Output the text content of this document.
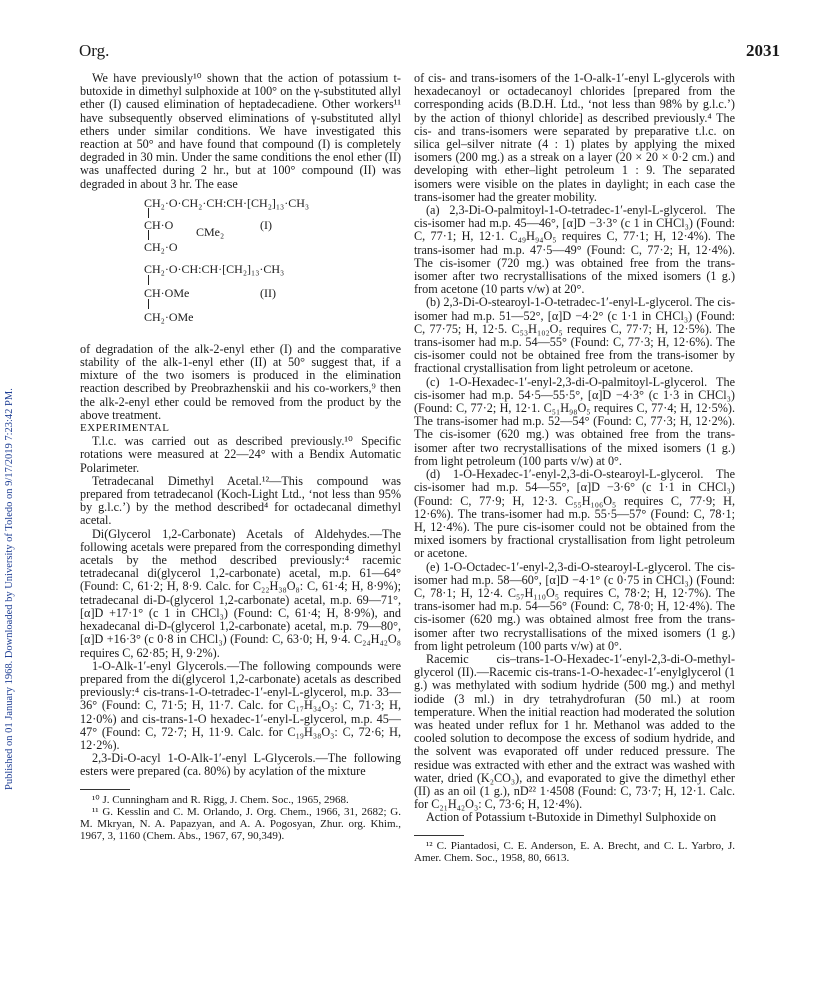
Org.	2031
Published on 01 January 1968. Downloaded by University of Toledo on 9/17/2019 7:23:42 PM.

We have previously¹⁰ shown that the action of potassium t-butoxide in dimethyl sulphoxide at 100° on the γ-substituted allyl ether (I) caused elimination of heptadecadiene. Other workers¹¹ have subsequently observed eliminations of γ-substituted allyl ethers under similar conditions. We have investigated this reaction at 50° and have found that compound (I) is completely degraded in 30 min. Under the same conditions the enol ether (II) was unaffected during 2 hr., but at 100° compound (II) was degraded in about 3 hr. The ease

CH₂·O·CH₂·CH:CH·[CH₂]₁₃·CH₃
CH·O CMe₂	(I)
CH₂·O
CH₂·O·CH:CH·[CH₂]₁₃·CH₃
CH·OMe	(II)
CH₂·OMe

of degradation of the alk-2-enyl ether (I) and the comparative stability of the alk-1-enyl ether (II) at 50° suggest that, if a mixture of the two isomers is produced in the elimination reaction described by Preobrazhenskii and his co-workers,⁹ then the alk-2-enyl ether could be removed from the product by the above treatment.

EXPERIMENTAL

T.l.c. was carried out as described previously.¹⁰ Specific rotations were measured at 22—24° with a Bendix Automatic Polarimeter.

Tetradecanal Dimethyl Acetal.¹²—This compound was prepared from tetradecanol (Koch-Light Ltd., ‘not less than 95% by g.l.c.’) by the method described⁴ for octadecanal dimethyl acetal.

Di(Glycerol 1,2-Carbonate) Acetals of Aldehydes.—The following acetals were prepared from the corresponding dimethyl acetals by the method described previously:⁴ racemic tetradecanal di(glycerol 1,2-carbonate) acetal, m.p. 61—64° (Found: C, 61·2; H, 8·9. Calc. for C₂₂H₃₈O₈: C, 61·4; H, 8·9%); tetradecanal di-D-(glycerol 1,2-carbonate) acetal, m.p. 69—71°, [α]D +17·1° (c 1 in CHCl₃) (Found: C, 61·4; H, 8·9%), and hexadecanal di-D-(glycerol 1,2-carbonate) acetal, m.p. 79—80°, [α]D +16·3° (c 0·8 in CHCl₃) (Found: C, 63·0; H, 9·4. C₂₄H₄₂O₈ requires C, 62·85; H, 9·2%).

1-O-Alk-1′-enyl Glycerols.—The following compounds were prepared from the di(glycerol 1,2-carbonate) acetals as described previously:⁴ cis-trans-1-O-tetradec-1′-enyl-L-glycerol, m.p. 33—36° (Found: C, 71·5; H, 11·7. Calc. for C₁₇H₃₄O₃: C, 71·3; H, 12·0%) and cis-trans-1-O hexadec-1′-enyl-L-glycerol, m.p. 45—47° (Found: C, 72·7; H, 11·9. Calc. for C₁₉H₃₈O₃: C, 72·6; H, 12·2%).

2,3-Di-O-acyl 1-O-Alk-1′-enyl L-Glycerols.—The following esters were prepared (ca. 80%) by acylation of the mixture

¹⁰ J. Cunningham and R. Rigg, J. Chem. Soc., 1965, 2968.

¹¹ G. Kesslin and C. M. Orlando, J. Org. Chem., 1966, 31, 2682; G. M. Mkryan, N. A. Papazyan, and A. A. Pogosyan, Zhur. org. Khim., 1967, 3, 1160 (Chem. Abs., 1967, 67, 90,349).

of cis- and trans-isomers of the 1-O-alk-1′-enyl L-glycerols with hexadecanoyl or octadecanoyl chlorides [prepared from the corresponding acids (B.D.H. Ltd., ‘not less than 98% by g.l.c.’) by the action of thionyl chloride] as described previously.⁴ The cis- and trans-isomers were separated by preparative t.l.c. on silica gel–silver nitrate (4 : 1) plates by applying the mixed isomers (200 mg.) as a streak on a layer (20 × 20 × 0·2 cm.) and developing with ether–light petroleum 1 : 9. The separated isomers were visible on the plates in daylight; in each case the trans-isomer had the greater mobility.

(a) 2,3-Di-O-palmitoyl-1-O-tetradec-1′-enyl-L-glycerol. The cis-isomer had m.p. 45—46°, [α]D −3·3° (c 1 in CHCl₃) (Found: C, 77·1; H, 12·1. C₄₉H₉₄O₅ requires C, 77·1; H, 12·4%). The trans-isomer had m.p. 47·5—49° (Found: C, 77·2; H, 12·4%). The cis-isomer (720 mg.) was obtained free from the trans-isomer after two recrystallisations of the mixed isomers (1 g.) from acetone (10 parts v/w) at 20°.

(b) 2,3-Di-O-stearoyl-1-O-tetradec-1′-enyl-L-glycerol. The cis-isomer had m.p. 51—52°, [α]D −4·2° (c 1·1 in CHCl₃) (Found: C, 77·75; H, 12·5. C₅₃H₁₀₂O₅ requires C, 77·7; H, 12·5%). The trans-isomer had m.p. 54—55° (Found: C, 77·3; H, 12·6%). The cis-isomer could not be obtained free from the trans-isomer by fractional crystallisation from light petroleum or acetone.

(c) 1-O-Hexadec-1′-enyl-2,3-di-O-palmitoyl-L-glycerol. The cis-isomer had m.p. 54·5—55·5°, [α]D −4·3° (c 1·3 in CHCl₃) (Found: C, 77·2; H, 12·1. C₅₁H₉₈O₅ requires C, 77·4; H, 12·5%). The trans-isomer had m.p. 52—54° (Found: C, 77·3; H, 12·2%). The cis-isomer (620 mg.) was obtained free from the trans-isomer after two recrystallisations of the mixed isomers (1 g.) from light petroleum (100 parts v/w) at 0°.

(d) 1-O-Hexadec-1′-enyl-2,3-di-O-stearoyl-L-glycerol. The cis-isomer had m.p. 54—55°, [α]D −3·6° (c 1·1 in CHCl₃) (Found: C, 77·9; H, 12·3. C₅₅H₁₀₆O₅ requires C, 77·9; H, 12·6%). The trans-isomer had m.p. 55·5—57° (Found: C, 78·1; H, 12·4%). The pure cis-isomer could not be obtained from the mixed isomers by fractional crystallisation from light petroleum or acetone.

(e) 1-O-Octadec-1′-enyl-2,3-di-O-stearoyl-L-glycerol. The cis-isomer had m.p. 58—60°, [α]D −4·1° (c 0·75 in CHCl₃) (Found: C, 78·1; H, 12·4. C₅₇H₁₁₀O₅ requires C, 78·2; H, 12·7%). The trans-isomer had m.p. 54—56° (Found: C, 78·0; H, 12·4%). The cis-isomer (620 mg.) was obtained almost free from the trans-isomer after two recrystallisations of the mixed isomers (1 g.) from light petroleum (100 parts v/w) at 0°.

Racemic cis–trans-1-O-Hexadec-1′-enyl-2,3-di-O-methyl-glycerol (II).—Racemic cis-trans-1-O-hexadec-1′-enylglycerol (1 g.) was methylated with sodium hydride (500 mg.) and methyl iodide (3 ml.) in dry tetrahydrofuran (50 ml.) at room temperature. When the initial reaction had moderated the solution was heated under reflux for 1 hr. Methanol was added to the cooled solution to decompose the excess of sodium hydride, and the solvent was evaporated off under reduced pressure. The residue was extracted with ether and the extract was washed with water, dried (K₂CO₃), and evaporated to give the dimethyl ether (II) as an oil (1 g.), nD²² 1·4508 (Found: C, 73·7; H, 12·1. Calc. for C₂₁H₄₂O₃: C, 73·6; H, 12·4%).

Action of Potassium t-Butoxide in Dimethyl Sulphoxide on

¹² C. Piantadosi, C. E. Anderson, E. A. Brecht, and C. L. Yarbro, J. Amer. Chem. Soc., 1958, 80, 6613.
